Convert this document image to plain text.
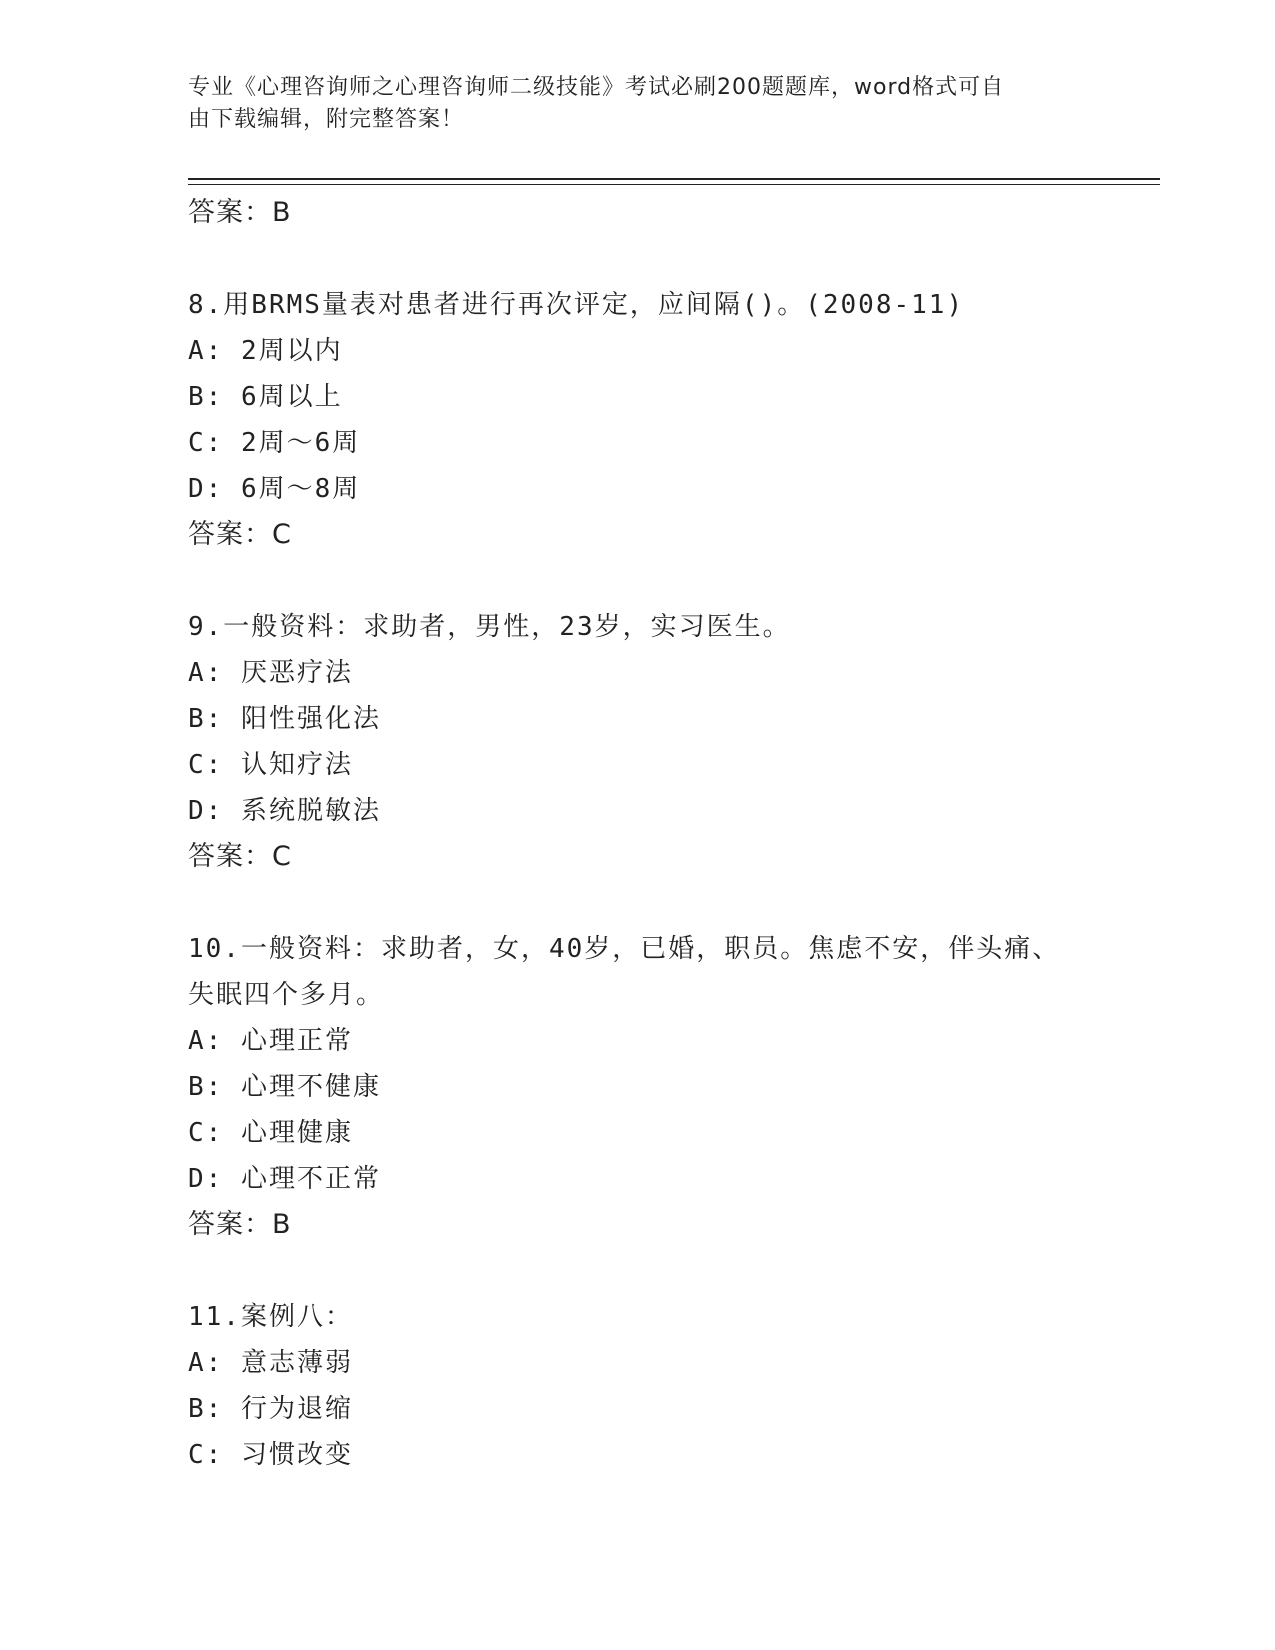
专业《心理咨询师之心理咨询师二级技能》考试必刷200题题库，word格式可自
由下载编辑，附完整答案！
答案：B
8.用BRMS量表对患者进行再次评定，应间隔()。(2008-11)
A: 2周以内
B: 6周以上
C: 2周～6周
D: 6周～8周
答案：C
9.一般资料：求助者，男性，23岁，实习医生。
A: 厌恶疗法
B: 阳性强化法
C: 认知疗法
D: 系统脱敏法
答案：C
10.一般资料：求助者，女，40岁，已婚，职员。焦虑不安，伴头痛、
失眠四个多月。
A: 心理正常
B: 心理不健康
C: 心理健康
D: 心理不正常
答案：B
11.案例八：
A: 意志薄弱
B: 行为退缩
C: 习惯改变
